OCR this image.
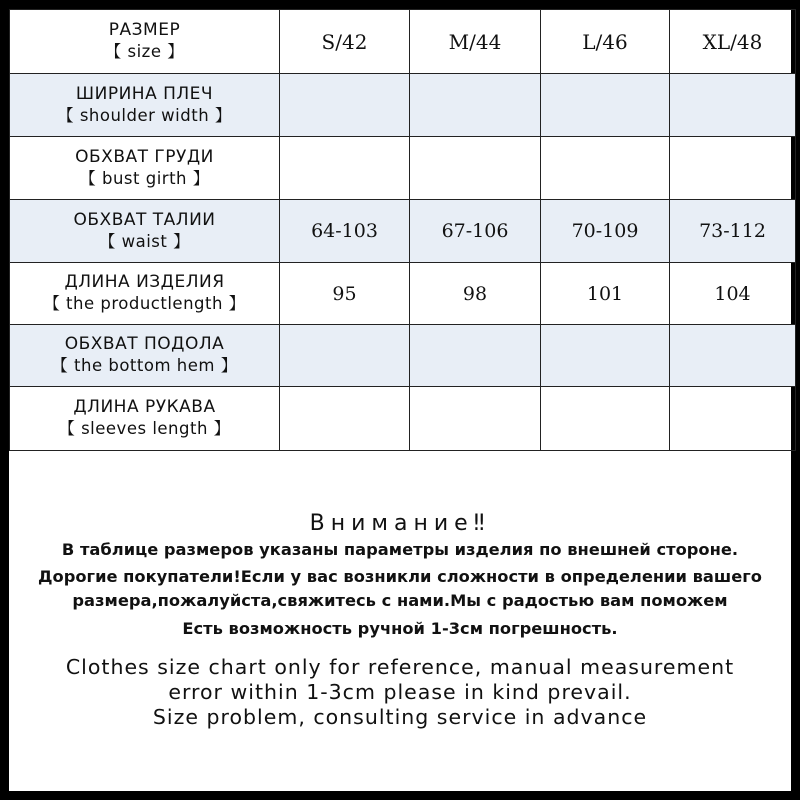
РАЗМЕР
【 size 】	S/42	M/44	L/46	XL/48

ШИРИНА ПЛЕЧ
【 shoulder width 】				

ОБХВАТ ГРУДИ
【 bust girth 】				

ОБХВАТ ТАЛИИ
【 waist 】	64-103	67-106	70-109	73-112

ДЛИНА ИЗДЕЛИЯ
【 the productlength 】	95	98	101	104

ОБХВАТ ПОДОЛА
【 the bottom hem 】				

ДЛИНА РУКАВА
【 sleeves length 】				

Внимание‼
В таблице размеров указаны параметры изделия по внешней стороне.
Дорогие покупатели!Если у вас возникли сложности в определении вашего
размера,пожалуйста,свяжитесь с нами.Мы с радостью вам поможем
Есть возможность ручной 1-3см погрешность.
Clothes size chart only for reference, manual measurement
error within 1-3cm please in kind prevail.
Size problem, consulting service in advance
